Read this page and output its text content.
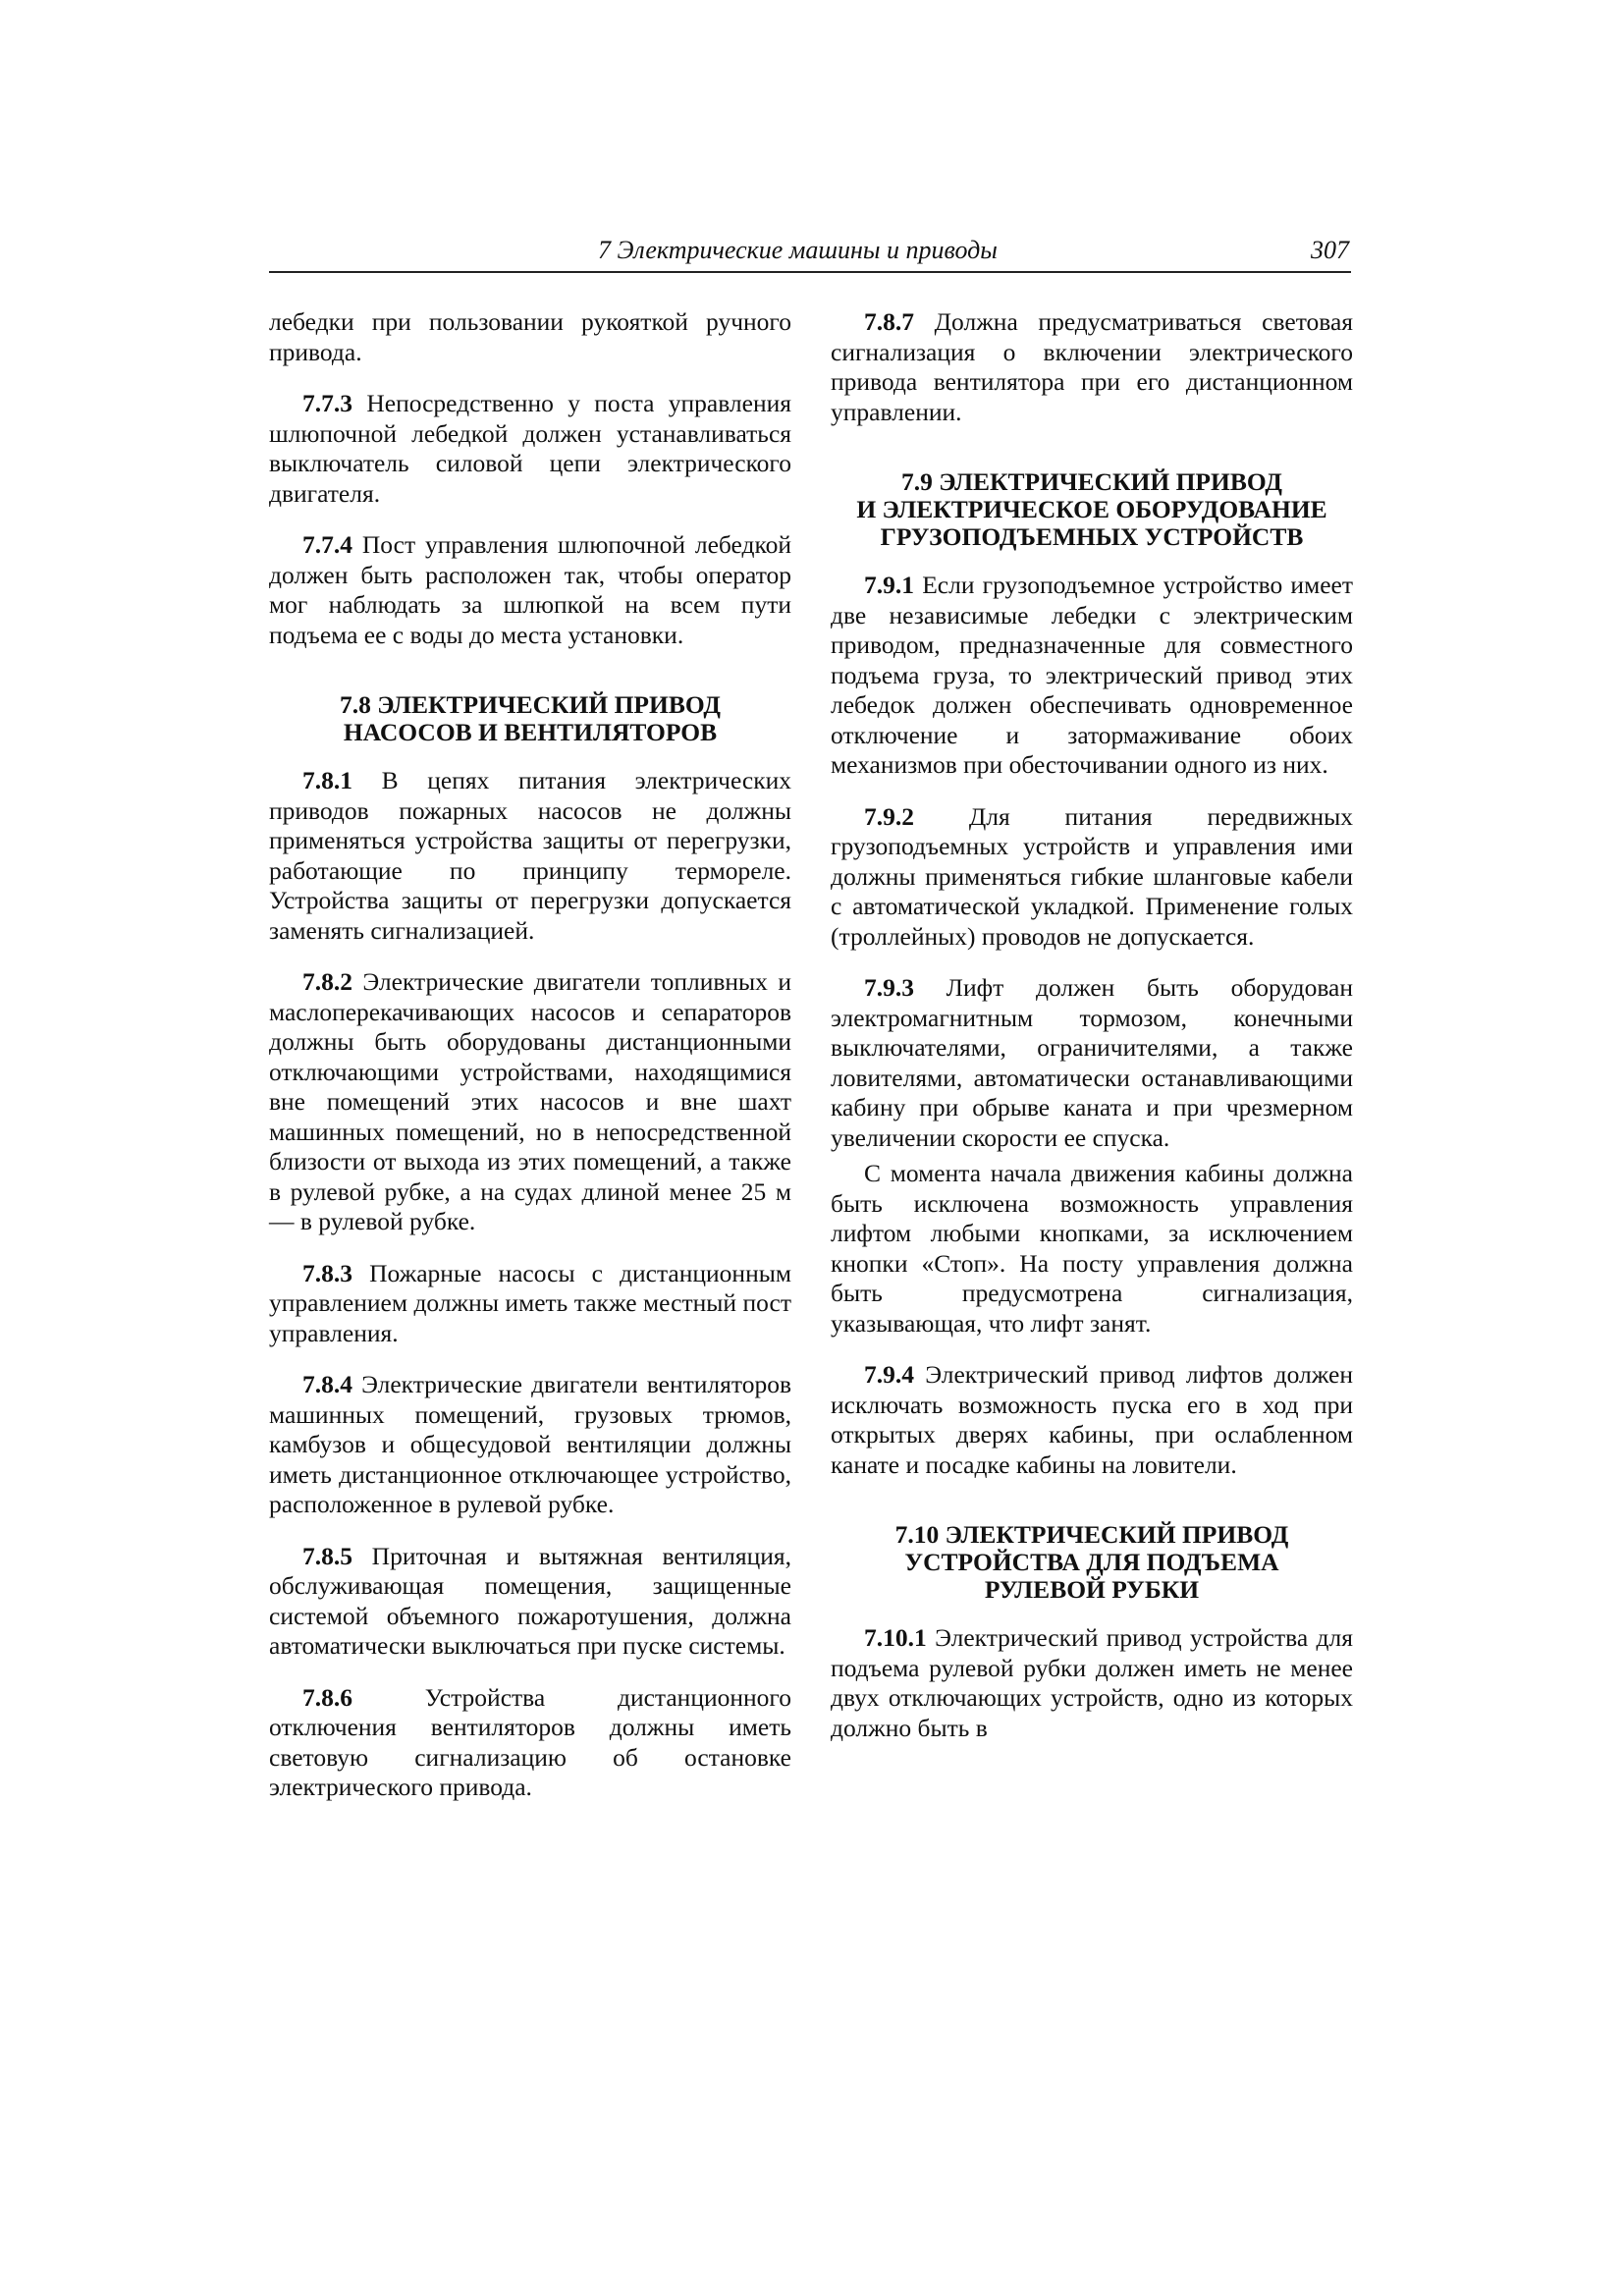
7 Электрические машины и приводы	307

лебедки при пользовании рукояткой ручного привода.

7.7.3 Непосредственно у поста управления шлюпочной лебедкой должен устанавливаться выключатель силовой цепи электрического двигателя.

7.7.4 Пост управления шлюпочной лебедкой должен быть расположен так, чтобы оператор мог наблюдать за шлюпкой на всем пути подъема ее с воды до места установки.

7.8 ЭЛЕКТРИЧЕСКИЙ ПРИВОД
НАСОСОВ И ВЕНТИЛЯТОРОВ

7.8.1 В цепях питания электрических приводов пожарных насосов не должны применяться устройства защиты от перегрузки, работающие по принципу термореле. Устройства защиты от перегрузки допускается заменять сигнализацией.

7.8.2 Электрические двигатели топливных и маслоперекачивающих насосов и сепараторов должны быть оборудованы дистанционными отключающими устройствами, находящимися вне помещений этих насосов и вне шахт машинных помещений, но в непосредственной близости от выхода из этих помещений, а также в рулевой рубке, а на судах длиной менее 25 м — в рулевой рубке.

7.8.3 Пожарные насосы с дистанционным управлением должны иметь также местный пост управления.

7.8.4 Электрические двигатели вентиляторов машинных помещений, грузовых трюмов, камбузов и общесудовой вентиляции должны иметь дистанционное отключающее устройство, расположенное в рулевой рубке.

7.8.5 Приточная и вытяжная вентиляция, обслуживающая помещения, защищенные системой объемного пожаротушения, должна автоматически выключаться при пуске системы.

7.8.6 Устройства дистанционного отключения вентиляторов должны иметь световую сигнализацию об остановке электрического привода.

7.8.7 Должна предусматриваться световая сигнализация о включении электрического привода вентилятора при его дистанционном управлении.

7.9 ЭЛЕКТРИЧЕСКИЙ ПРИВОД
И ЭЛЕКТРИЧЕСКОЕ ОБОРУДОВАНИЕ
ГРУЗОПОДЪЕМНЫХ УСТРОЙСТВ

7.9.1 Если грузоподъемное устройство имеет две независимые лебедки с электрическим приводом, предназначенные для совместного подъема груза, то электрический привод этих лебедок должен обеспечивать одновременное отключение и затормаживание обоих механизмов при обесточивании одного из них.

7.9.2 Для питания передвижных грузоподъемных устройств и управления ими должны применяться гибкие шланговые кабели с автоматической укладкой. Применение голых (троллейных) проводов не допускается.

7.9.3 Лифт должен быть оборудован электромагнитным тормозом, конечными выключателями, ограничителями, а также ловителями, автоматически останавливающими кабину при обрыве каната и при чрезмерном увеличении скорости ее спуска.

С момента начала движения кабины должна быть исключена возможность управления лифтом любыми кнопками, за исключением кнопки «Стоп». На посту управления должна быть предусмотрена сигнализация, указывающая, что лифт занят.

7.9.4 Электрический привод лифтов должен исключать возможность пуска его в ход при открытых дверях кабины, при ослабленном канате и посадке кабины на ловители.

7.10 ЭЛЕКТРИЧЕСКИЙ ПРИВОД
УСТРОЙСТВА ДЛЯ ПОДЪЕМА
РУЛЕВОЙ РУБКИ

7.10.1 Электрический привод устройства для подъема рулевой рубки должен иметь не менее двух отключающих устройств, одно из которых должно быть в
